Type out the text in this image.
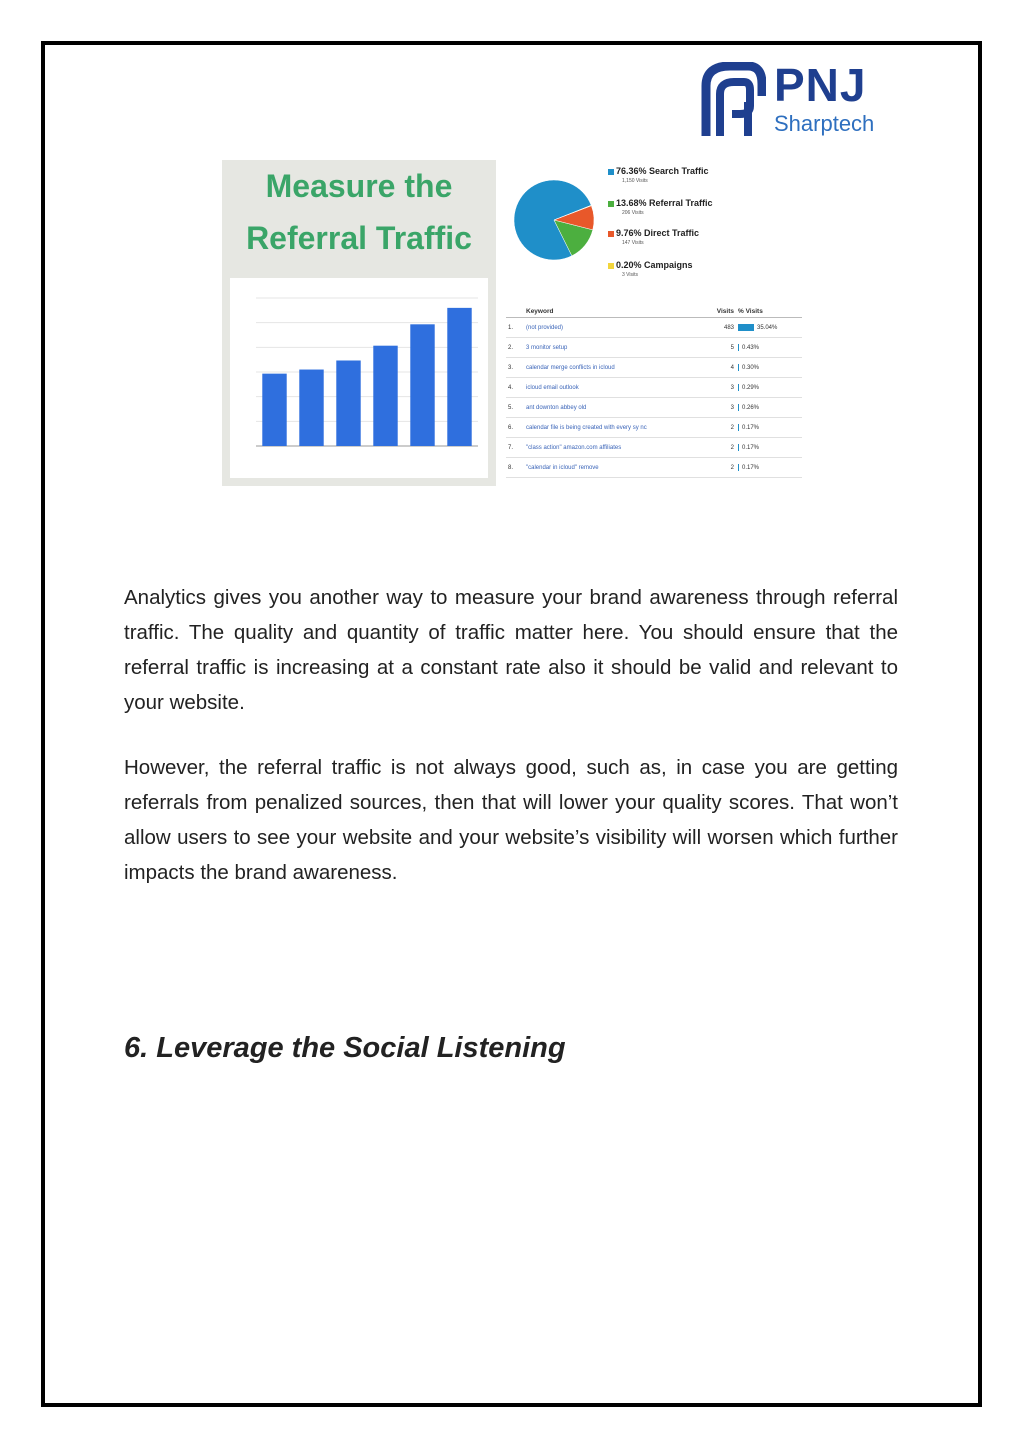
PNJ
Sharptech
Measure the
Referral Traffic
76.36% Search Traffic
1,150 Visits
13.68% Referral Traffic
206 Visits
9.76% Direct Traffic
147 Visits
0.20% Campaigns
3 Visits
	Keyword	Visits	% Visits
1.	(not provided)	483	35.04%
2.	3 monitor setup	5	0.43%
3.	calendar merge conflicts in icloud	4	0.30%
4.	icloud email outlook	3	0.29%
5.	ant downton abbey old	3	0.26%
6.	calendar file is being created with every sy nc	2	0.17%
7.	"class action" amazon.com affiliates	2	0.17%
8.	"calendar in icloud" remove	2	0.17%

Analytics gives you another way to measure your brand awareness through referral traffic. The quality and quantity of traffic matter here. You should ensure that the referral traffic is increasing at a constant rate also it should be valid and relevant to your website.

However, the referral traffic is not always good, such as, in case you are getting referrals from penalized sources, then that will lower your quality scores. That won’t allow users to see your website and your website’s visibility will worsen which further impacts the brand awareness.

6. Leverage the Social Listening
